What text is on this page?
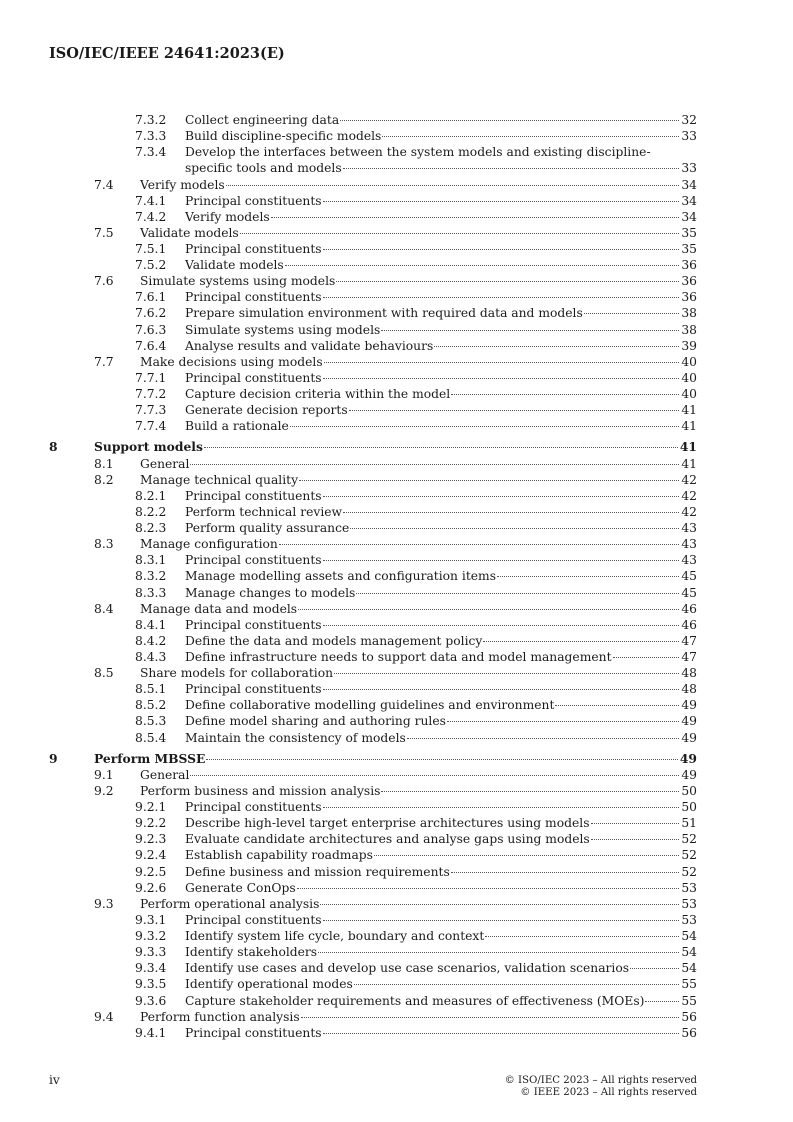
ISO/IEC/IEEE 24641:2023(E)
7.3.2 Collect engineering data	32
7.3.3 Build discipline-specific models	33
7.3.4 Develop the interfaces between the system models and existing discipline-
specific tools and models	33
7.4 Verify models	34
7.4.1 Principal constituents	34
7.4.2 Verify models	34
7.5 Validate models	35
7.5.1 Principal constituents	35
7.5.2 Validate models	36
7.6 Simulate systems using models	36
7.6.1 Principal constituents	36
7.6.2 Prepare simulation environment with required data and models	38
7.6.3 Simulate systems using models	38
7.6.4 Analyse results and validate behaviours	39
7.7 Make decisions using models	40
7.7.1 Principal constituents	40
7.7.2 Capture decision criteria within the model	40
7.7.3 Generate decision reports	41
7.7.4 Build a rationale	41
8	Support models	41
8.1 General	41
8.2 Manage technical quality	42
8.2.1 Principal constituents	42
8.2.2 Perform technical review	42
8.2.3 Perform quality assurance	43
8.3 Manage configuration	43
8.3.1 Principal constituents	43
8.3.2 Manage modelling assets and configuration items	45
8.3.3 Manage changes to models	45
8.4 Manage data and models	46
8.4.1 Principal constituents	46
8.4.2 Define the data and models management policy	47
8.4.3 Define infrastructure needs to support data and model management	47
8.5 Share models for collaboration	48
8.5.1 Principal constituents	48
8.5.2 Define collaborative modelling guidelines and environment	49
8.5.3 Define model sharing and authoring rules	49
8.5.4 Maintain the consistency of models	49
9	Perform MBSSE	49
9.1 General	49
9.2 Perform business and mission analysis	50
9.2.1 Principal constituents	50
9.2.2 Describe high-level target enterprise architectures using models	51
9.2.3 Evaluate candidate architectures and analyse gaps using models	52
9.2.4 Establish capability roadmaps	52
9.2.5 Define business and mission requirements	52
9.2.6 Generate ConOps	53
9.3 Perform operational analysis	53
9.3.1 Principal constituents	53
9.3.2 Identify system life cycle, boundary and context	54
9.3.3 Identify stakeholders	54
9.3.4 Identify use cases and develop use case scenarios, validation scenarios	54
9.3.5 Identify operational modes	55
9.3.6 Capture stakeholder requirements and measures of effectiveness (MOEs)	55
9.4 Perform function analysis	56
9.4.1 Principal constituents	56
iv	© ISO/IEC 2023 – All rights reserved
© IEEE 2023 – All rights reserved
